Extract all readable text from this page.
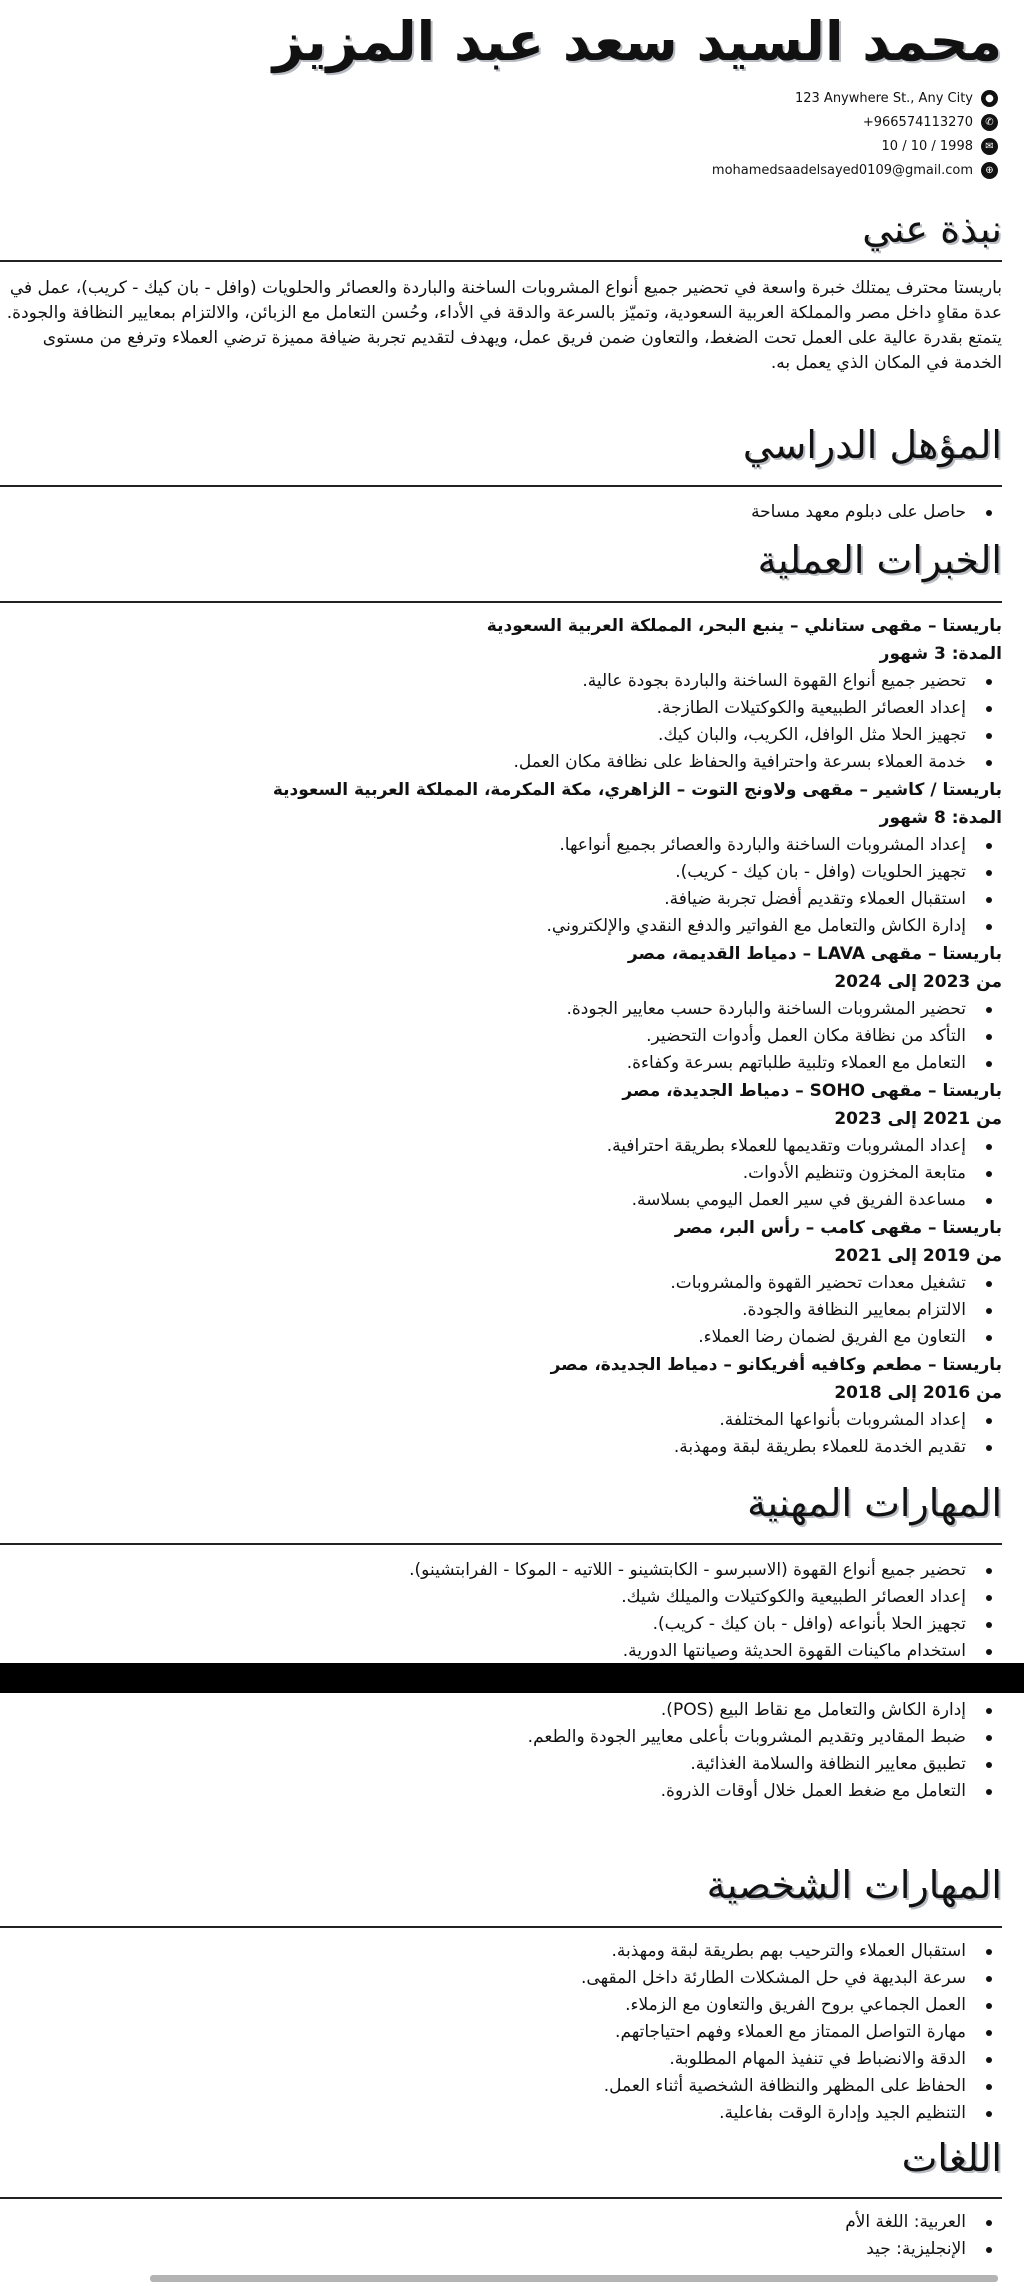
محمد السيد سعد عبد المزيز
●
123 Anywhere St., Any City
✆
+966574113270
✉
10 / 10 / 1998
⊕
mohamedsaadelsayed0109@gmail.com
نبذة عني

باريستا محترف يمتلك خبرة واسعة في تحضير جميع أنواع المشروبات الساخنة والباردة والعصائر والحلويات (وافل - بان كيك - كريب)، عمل في عدة مقاهٍ داخل مصر والمملكة العربية السعودية، وتميّز بالسرعة والدقة في الأداء، وحُسن التعامل مع الزبائن، والالتزام بمعايير النظافة والجودة.

يتمتع بقدرة عالية على العمل تحت الضغط، والتعاون ضمن فريق عمل، ويهدف لتقديم تجربة ضيافة مميزة ترضي العملاء وترفع من مستوى الخدمة في المكان الذي يعمل به.

المؤهل الدراسي
حاصل على دبلوم معهد مساحة
الخبرات العملية
باريستا – مقهى ستانلي – ينبع البحر، المملكة العربية السعودية
المدة: 3 شهور
تحضير جميع أنواع القهوة الساخنة والباردة بجودة عالية.
إعداد العصائر الطبيعية والكوكتيلات الطازجة.
تجهيز الحلا مثل الوافل، الكريب، والبان كيك.
خدمة العملاء بسرعة واحترافية والحفاظ على نظافة مكان العمل.
باريستا / كاشير – مقهى ولاونج التوت – الزاهري، مكة المكرمة، المملكة العربية السعودية
المدة: 8 شهور
إعداد المشروبات الساخنة والباردة والعصائر بجميع أنواعها.
تجهيز الحلويات (وافل - بان كيك - كريب).
استقبال العملاء وتقديم أفضل تجربة ضيافة.
إدارة الكاش والتعامل مع الفواتير والدفع النقدي والإلكتروني.
باريستا – مقهى LAVA – دمياط القديمة، مصر
من 2023 إلى 2024
تحضير المشروبات الساخنة والباردة حسب معايير الجودة.
التأكد من نظافة مكان العمل وأدوات التحضير.
التعامل مع العملاء وتلبية طلباتهم بسرعة وكفاءة.
باريستا – مقهى SOHO – دمياط الجديدة، مصر
من 2021 إلى 2023
إعداد المشروبات وتقديمها للعملاء بطريقة احترافية.
متابعة المخزون وتنظيم الأدوات.
مساعدة الفريق في سير العمل اليومي بسلاسة.
باريستا – مقهى كامب – رأس البر، مصر
من 2019 إلى 2021
تشغيل معدات تحضير القهوة والمشروبات.
الالتزام بمعايير النظافة والجودة.
التعاون مع الفريق لضمان رضا العملاء.
باريستا – مطعم وكافيه أفريكانو – دمياط الجديدة، مصر
من 2016 إلى 2018
إعداد المشروبات بأنواعها المختلفة.
تقديم الخدمة للعملاء بطريقة لبقة ومهذبة.
المهارات المهنية
تحضير جميع أنواع القهوة (الاسبرسو - الكابتشينو - اللاتيه - الموكا - الفرابتشينو).
إعداد العصائر الطبيعية والكوكتيلات والميلك شيك.
تجهيز الحلا بأنواعه (وافل - بان كيك - كريب).
استخدام ماكينات القهوة الحديثة وصيانتها الدورية.
إدارة الكاش والتعامل مع نقاط البيع (POS).
ضبط المقادير وتقديم المشروبات بأعلى معايير الجودة والطعم.
تطبيق معايير النظافة والسلامة الغذائية.
التعامل مع ضغط العمل خلال أوقات الذروة.
المهارات الشخصية
استقبال العملاء والترحيب بهم بطريقة لبقة ومهذبة.
سرعة البديهة في حل المشكلات الطارئة داخل المقهى.
العمل الجماعي بروح الفريق والتعاون مع الزملاء.
مهارة التواصل الممتاز مع العملاء وفهم احتياجاتهم.
الدقة والانضباط في تنفيذ المهام المطلوبة.
الحفاظ على المظهر والنظافة الشخصية أثناء العمل.
التنظيم الجيد وإدارة الوقت بفاعلية.
اللغات
العربية: اللغة الأم
الإنجليزية: جيد
